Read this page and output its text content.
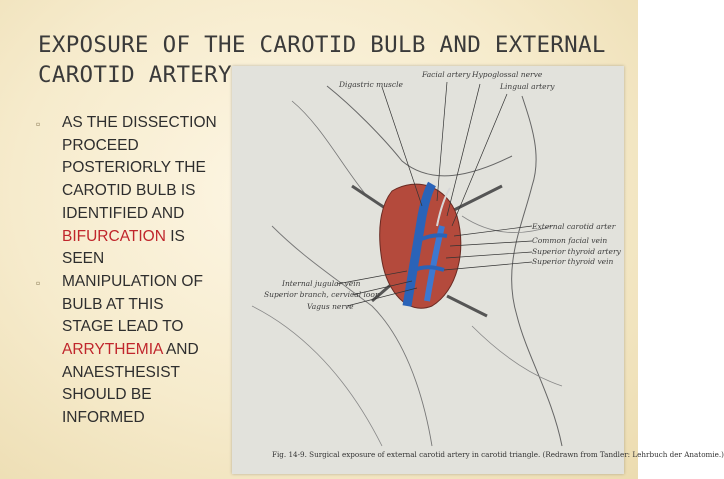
EXPOSURE OF THE CAROTID BULB AND EXTERNAL
CAROTID ARTERY
▫ AS THE DISSECTION
PROCEED
POSTERIORLY THE
CAROTID BULB IS
IDENTIFIED AND
BIFURCATION IS
SEEN
▫ MANIPULATION OF
BULB AT THIS
STAGE LEAD TO
ARRYTHEMIA AND
ANAESTHESIST
SHOULD BE
INFORMED
Digastric muscle
Facial artery Hypoglossal nerve
Lingual artery
External carotid arter
Common facial vein
Superior thyroid artery
Superior thyroid vein
Internal jugular vein
Superior branch, cervical loop
Vagus nerve
Fig. 14-9. Surgical exposure of external carotid artery in carotid triangle. (Redrawn from Tandler: Lehrbuch der Anatomie.)
